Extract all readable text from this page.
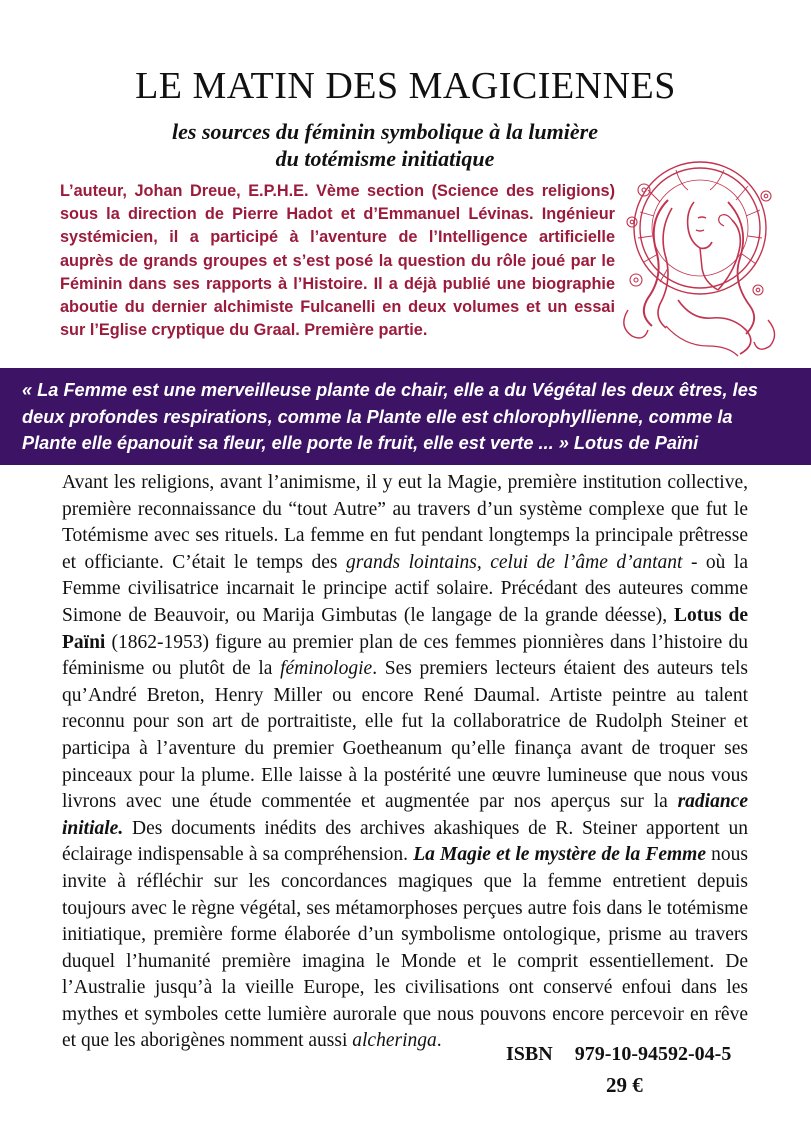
LE MATIN DES MAGICIENNES
les sources du féminin symbolique à la lumière
du totémisme initiatique

L’auteur, Johan Dreue, E.P.H.E. Vème section (Science des religions) sous la direction de Pierre Hadot et d’Emmanuel Lévinas. Ingénieur systémicien, il a participé à l’aventure de l’Intelligence artificielle auprès de grands groupes et s’est posé la question du rôle joué par le Féminin dans ses rapports à l’Histoire. Il a déjà publié une biographie aboutie du dernier alchimiste Fulcanelli en deux volumes et un essai sur l’Eglise cryptique du Graal. Première partie.

« La Femme est une merveilleuse plante de chair, elle a du Végétal les deux êtres, les deux profondes respirations, comme la Plante elle est chlorophyllienne, comme la Plante elle épanouit sa fleur, elle porte le fruit, elle est verte ... » Lotus de Païni

Avant les religions, avant l’animisme, il y eut la Magie, première institution collective, première reconnaissance du “tout Autre” au travers d’un système complexe que fut le Totémisme avec ses rituels. La femme en fut pendant longtemps la principale prêtresse et officiante. C’était le temps des grands lointains, celui de l’âme d’antant - où la Femme civilisatrice incarnait le principe actif solaire. Précédant des auteures comme Simone de Beauvoir, ou Marija Gimbutas (le langage de la grande déesse), Lotus de Païni (1862-1953) figure au premier plan de ces femmes pionnières dans l’histoire du féminisme ou plutôt de la féminologie. Ses premiers lecteurs étaient des auteurs tels qu’André Breton, Henry Miller ou encore René Daumal. Artiste peintre au talent reconnu pour son art de portraitiste, elle fut la collaboratrice de Rudolph Steiner et participa à l’aventure du premier Goetheanum qu’elle finança avant de troquer ses pinceaux pour la plume. Elle laisse à la postérité une œuvre lumineuse que nous vous livrons avec une étude commentée et augmentée par nos aperçus sur la radiance initiale. Des documents inédits des archives akashiques de R. Steiner apportent un éclairage indispensable à sa compréhension. La Magie et le mystère de la Femme nous invite à réfléchir sur les concordances magiques que la femme entretient depuis toujours avec le règne végétal, ses métamorphoses perçues autre fois dans le totémisme initiatique, première forme élaborée d’un symbolisme ontologique, prisme au travers duquel l’humanité première imagina le Monde et le comprit essentiellement. De l’Australie jusqu’à la vieille Europe, les civilisations ont conservé enfoui dans les mythes et symboles cette lumière aurorale que nous pouvons encore percevoir en rêve et que les aborigènes nomment aussi alcheringa.

ISBN 979-10-94592-04-5
29 €
